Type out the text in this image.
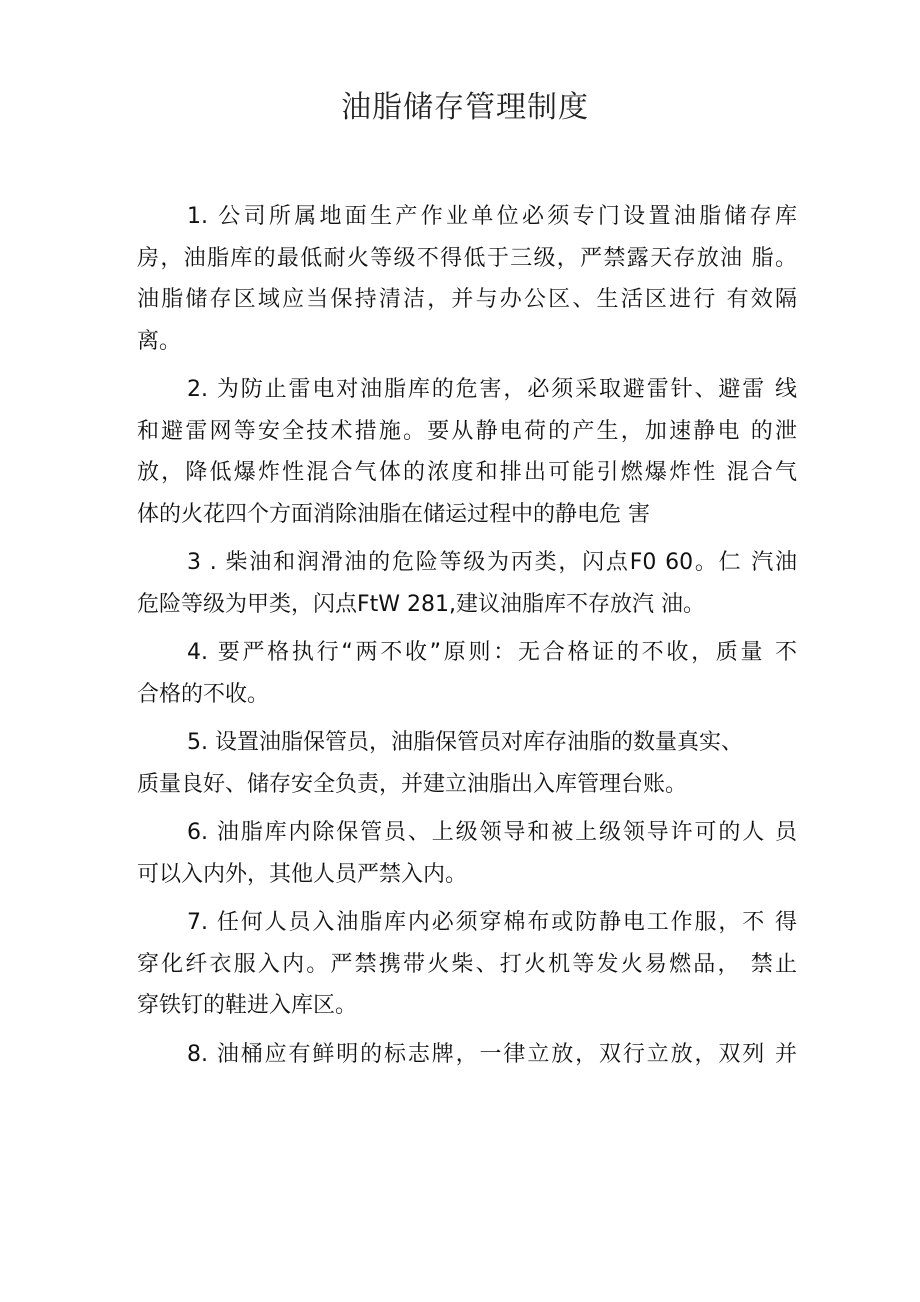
油脂储存管理制度
1. 公司所属地面生产作业单位必须专门设置油脂储存库
房，油脂库的最低耐火等级不得低于三级，严禁露天存放油 脂。
油脂储存区域应当保持清洁，并与办公区、生活区进行 有效隔
离。
2. 为防止雷电对油脂库的危害，必须采取避雷针、避雷 线
和避雷网等安全技术措施。要从静电荷的产生，加速静电 的泄
放，降低爆炸性混合气体的浓度和排出可能引燃爆炸性 混合气
体的火花四个方面消除油脂在储运过程中的静电危 害
3 . 柴油和润滑油的危险等级为丙类，闪点F0 60。仁 汽油
危险等级为甲类，闪点FtW 281,建议油脂库不存放汽 油。
4. 要严格执行“两不收”原则：无合格证的不收，质量 不
合格的不收。
5. 设置油脂保管员，油脂保管员对库存油脂的数量真实、
质量良好、储存安全负责，并建立油脂出入库管理台账。
6. 油脂库内除保管员、上级领导和被上级领导许可的人 员
可以入内外，其他人员严禁入内。
7. 任何人员入油脂库内必须穿棉布或防静电工作服，不 得
穿化纤衣服入内。严禁携带火柴、打火机等发火易燃品， 禁止
穿铁钉的鞋进入库区。
8. 油桶应有鲜明的标志牌，一律立放，双行立放，双列 并
